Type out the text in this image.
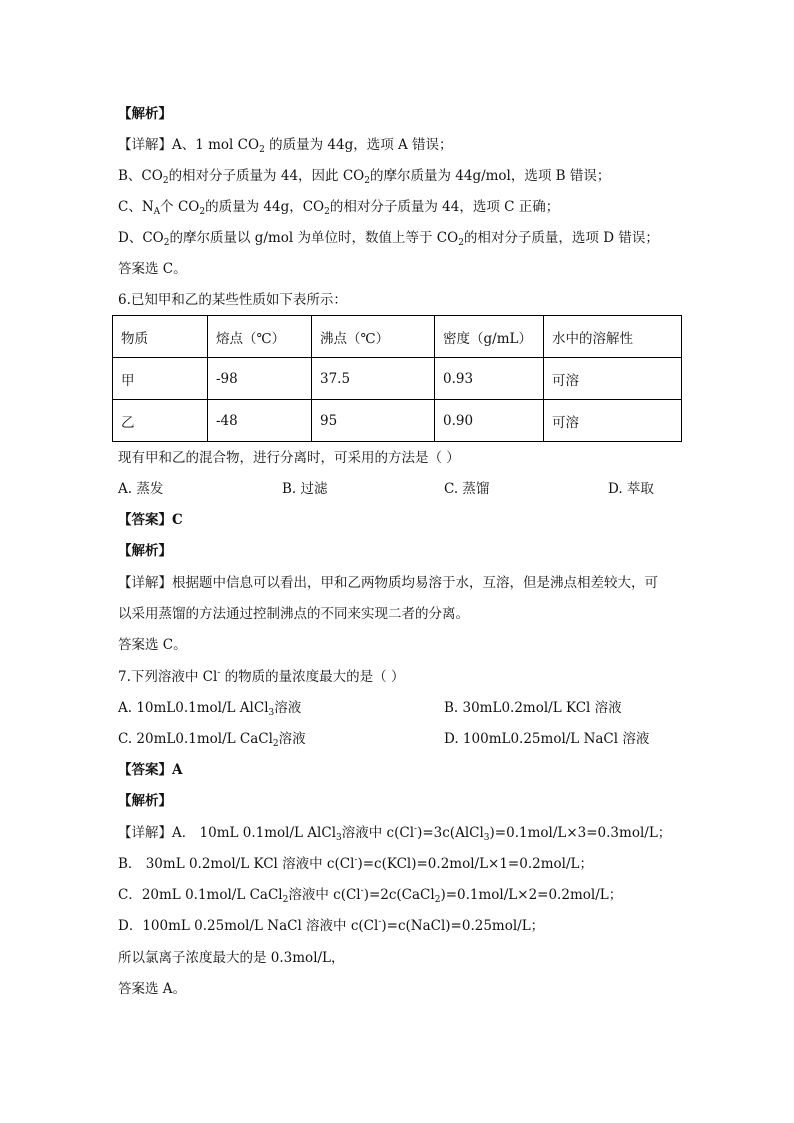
【解析】
【详解】A、1 mol $CO_2$ 的质量为 44g，选项 A 错误；
B、$CO_2$的相对分子质量为 44，因此 $CO_2$的摩尔质量为 44g/mol，选项 B 错误；
C、$N_A$个 $CO_2$的质量为 44g，$CO_2$的相对分子质量为 44，选项 C 正确；
D、$CO_2$的摩尔质量以 g/mol 为单位时，数值上等于 $CO_2$的相对分子质量，选项 D 错误；
答案选 C。
6.已知甲和乙的某些性质如下表所示：
物质	熔点（℃）	沸点（℃）	密度（g/mL）	水中的溶解性
甲	-98	37.5	0.93	可溶
乙	-48	95	0.90	可溶
现有甲和乙的混合物，进行分离时，可采用的方法是（ ）
A. 蒸发	B. 过滤	C. 蒸馏	D. 萃取
【答案】C
【解析】
【详解】根据题中信息可以看出，甲和乙两物质均易溶于水，互溶，但是沸点相差较大，可
以采用蒸馏的方法通过控制沸点的不同来实现二者的分离。
答案选 C。
7.下列溶液中 Cl- 的物质的量浓度最大的是（ ）
A. 10mL0.1mol/L AlCl$_3$溶液	B. 30mL0.2mol/L KCl 溶液
C. 20mL0.1mol/L CaCl$_2$溶液	D. 100mL0.25mol/L NaCl 溶液
【答案】A
【解析】
【详解】A． 10mL 0.1mol/L AlCl$_3$溶液中 c(Cl-)=3c(AlCl$_3$)=0.1mol/L×3=0.3mol/L；
B． 30mL 0.2mol/L KCl 溶液中 c(Cl-)=c(KCl)=0.2mol/L×1=0.2mol/L；
C．20mL 0.1mol/L CaCl$_2$溶液中 c(Cl-)=2c(CaCl$_2$)=0.1mol/L×2=0.2mol/L；
D．100mL 0.25mol/L NaCl 溶液中 c(Cl-)=c(NaCl)=0.25mol/L；
所以氯离子浓度最大的是 0.3mol/L，
答案选 A。
